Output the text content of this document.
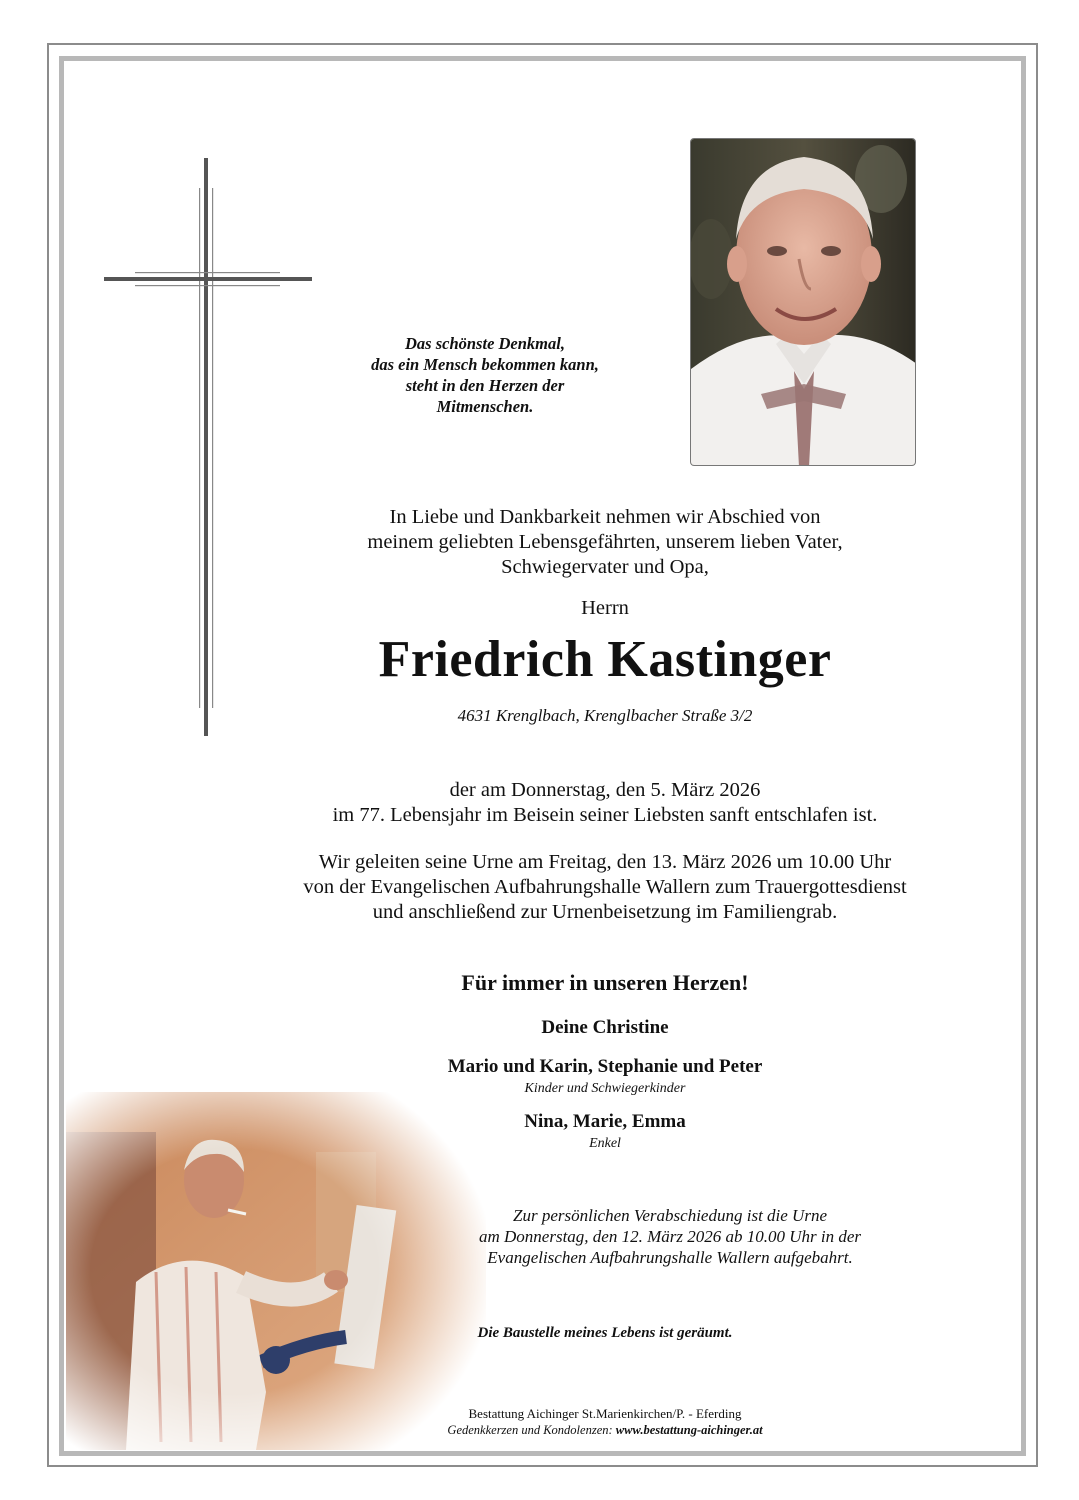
Das schönste Denkmal,
das ein Mensch bekommen kann,
steht in den Herzen der
Mitmenschen.
In Liebe und Dankbarkeit nehmen wir Abschied von
meinem geliebten Lebensgefährten, unserem lieben Vater,
Schwiegervater und Opa,
Herrn
Friedrich Kastinger
4631 Krenglbach, Krenglbacher Straße 3/2
der am Donnerstag, den 5. März 2026
im 77. Lebensjahr im Beisein seiner Liebsten sanft entschlafen ist.
Wir geleiten seine Urne am Freitag, den 13. März 2026 um 10.00 Uhr
von der Evangelischen Aufbahrungshalle Wallern zum Trauergottesdienst
und anschließend zur Urnenbeisetzung im Familiengrab.
Für immer in unseren Herzen!
Deine Christine
Mario und Karin, Stephanie und Peter
Kinder und Schwiegerkinder
Nina, Marie, Emma
Enkel
Zur persönlichen Verabschiedung ist die Urne
am Donnerstag, den 12. März 2026 ab 10.00 Uhr in der
Evangelischen Aufbahrungshalle Wallern aufgebahrt.
Die Baustelle meines Lebens ist geräumt.
Bestattung Aichinger St.Marienkirchen/P. - Eferding
Gedenkkerzen und Kondolenzen: www.bestattung-aichinger.at
